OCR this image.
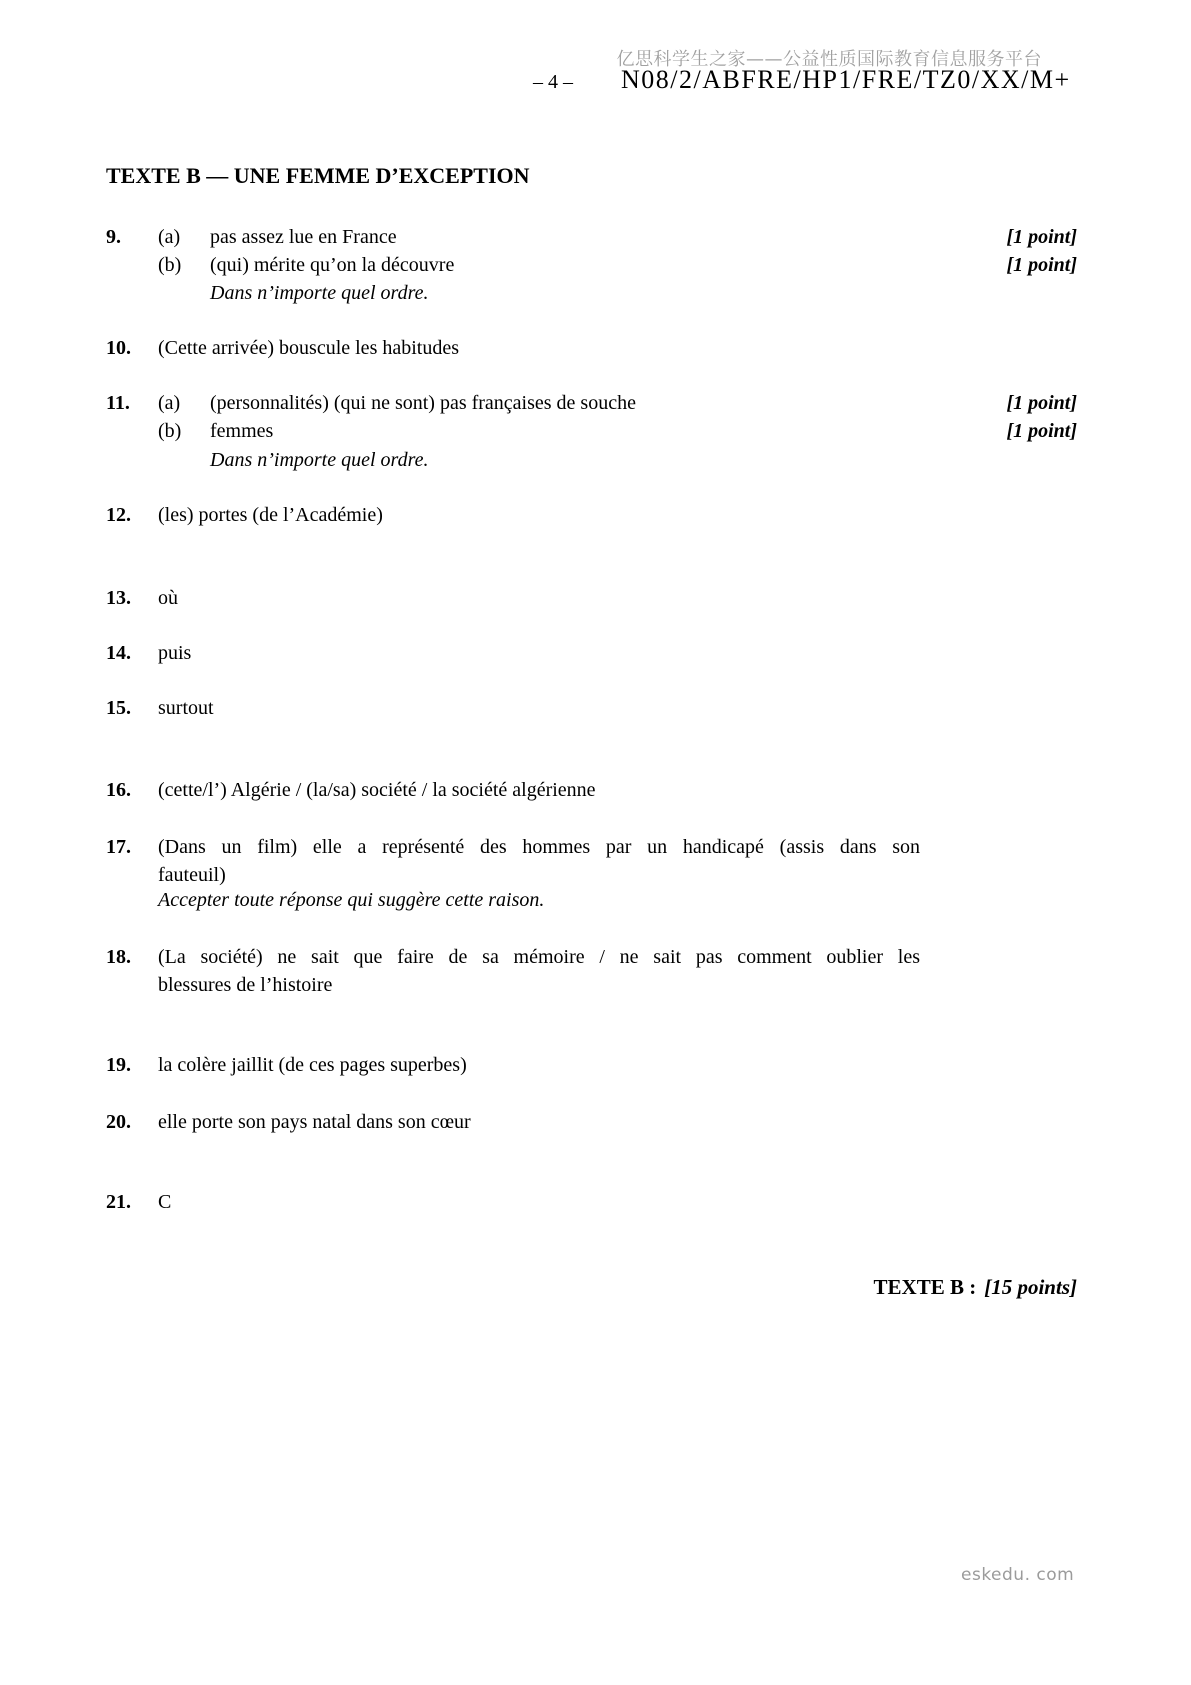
亿思科学生之家——公益性质国际教育信息服务平台
– 4 – N08/2/ABFRE/HP1/FRE/TZ0/XX/M+
TEXTE B — UNE FEMME D’EXCEPTION
9.	(a)	pas assez lue en France	[1 point]
(b)	(qui) mérite qu’on la découvre	[1 point]
Dans n’importe quel ordre.
10.	(Cette arrivée) bouscule les habitudes
11.	(a)	(personnalités) (qui ne sont) pas françaises de souche	[1 point]
(b)	femmes	[1 point]
Dans n’importe quel ordre.
12.	(les) portes (de l’Académie)
13.	où
14.	puis
15.	surtout
16.	(cette/l’) Algérie / (la/sa) société / la société algérienne
17.	(Dans un film) elle a représenté des hommes par un handicapé (assis dans son
fauteuil)
Accepter toute réponse qui suggère cette raison.
18.	(La société) ne sait que faire de sa mémoire / ne sait pas comment oublier les
blessures de l’histoire
19.	la colère jaillit (de ces pages superbes)
20.	elle porte son pays natal dans son cœur
21.	C
TEXTE B : [15 points]
eskedu. com
